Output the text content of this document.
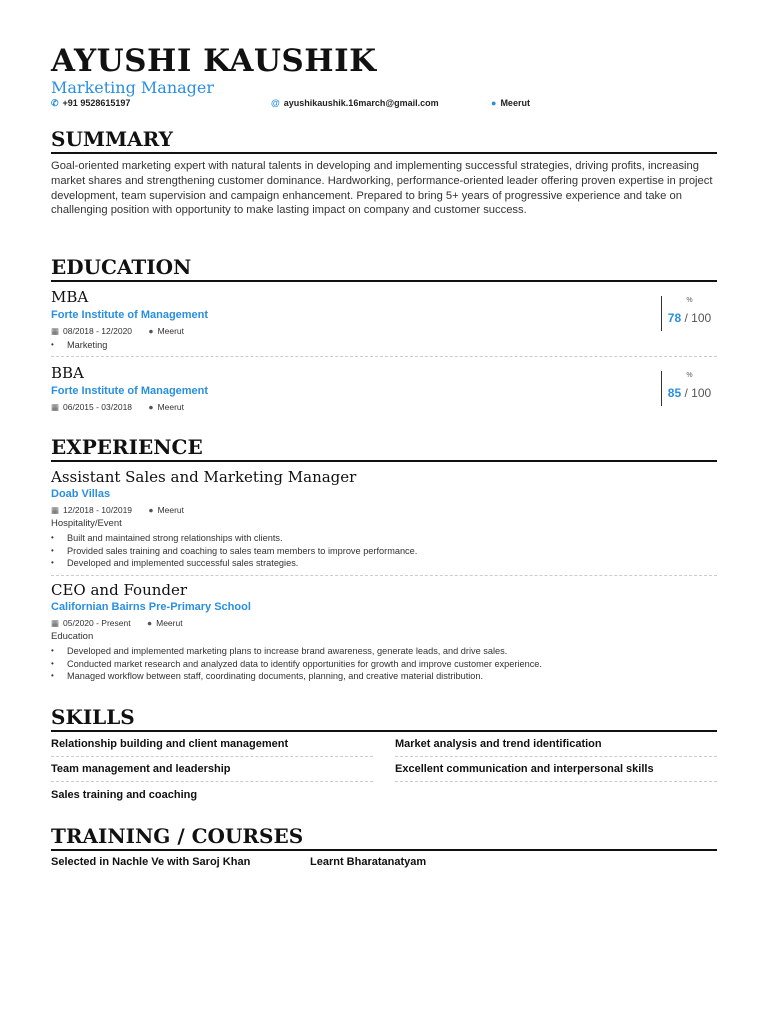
AYUSHI KAUSHIK
Marketing Manager
✆ +91 9528615197	@ ayushikaushik.16march@gmail.com	● Meerut
SUMMARY
Goal-oriented marketing expert with natural talents in developing and implementing successful strategies, driving profits, increasing market shares and strengthening customer dominance. Hardworking, performance-oriented leader offering proven expertise in project development, team supervision and campaign enhancement. Prepared to bring 5+ years of progressive experience and take on challenging position with opportunity to make lasting impact on company and customer success.
EDUCATION
MBA
Forte Institute of Management
▦ 08/2018 - 12/2020 ● Meerut
• Marketing
%
78 / 100
BBA
Forte Institute of Management
▦ 06/2015 - 03/2018 ● Meerut
%
85 / 100
EXPERIENCE
Assistant Sales and Marketing Manager
Doab Villas
▦ 12/2018 - 10/2019 ● Meerut
Hospitality/Event
• Built and maintained strong relationships with clients.
• Provided sales training and coaching to sales team members to improve performance.
• Developed and implemented successful sales strategies.
CEO and Founder
Californian Bairns Pre-Primary School
▦ 05/2020 - Present ● Meerut
Education
• Developed and implemented marketing plans to increase brand awareness, generate leads, and drive sales.
• Conducted market research and analyzed data to identify opportunities for growth and improve customer experience.
• Managed workflow between staff, coordinating documents, planning, and creative material distribution.
SKILLS
Relationship building and client management	Market analysis and trend identification
Team management and leadership	Excellent communication and interpersonal skills
Sales training and coaching
TRAINING / COURSES
Selected in Nachle Ve with Saroj Khan	Learnt Bharatanatyam
